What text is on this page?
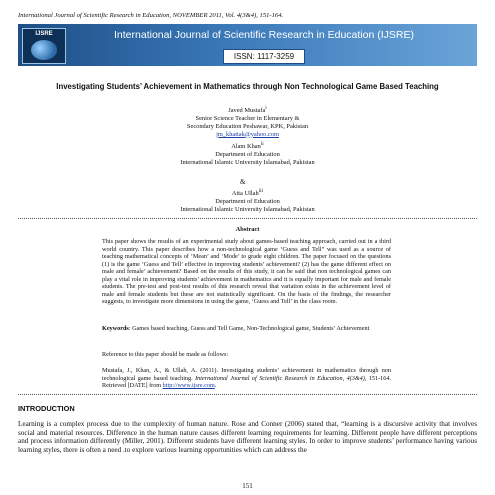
International Journal of Scientific Research in Education, NOVEMBER 2011, Vol. 4(3&4), 151-164.
IJSRE	International Journal of Scientific Research in Education (IJSRE)
ISSN: 1117-3259
Investigating Students’ Achievement in Mathematics through Non Technological Game Based Teaching
Javed Mustafa$^i$
Senior Science Teacher in Elementary &
Secondary Education Peshawar, KPK, Pakistan
jm_khattak@yahoo.com
Alam Khan$^{ii}$
Department of Education
International Islamic University Islamabad, Pakistan
&
Atta Ullah$^{iii}$
Department of Education
International Islamic University Islamabad, Pakistan
Abstract
This paper shows the results of an experimental study about games-based teaching approach, carried out in a third world country. This paper describes how a non-technological game ‘Guess and Tell” was used as a source of teaching mathematical concepts of ‘Mean’ and ‘Mode’ to grade eight children. The paper focused on the questions (1) is the game ‘Guess and Tell’ effective in improving students’ achievement? (2) has the game different effect on male and female’ achievement? Based on the results of this study, it can be said that non technological games can play a vital role in improving students’ achievement in mathematics and it is equally important for male and female students. The pre-test and post-test results of this research reveal that variation exists in the achievement level of male and female students but these are not statistically significant. On the basis of the findings, the researcher suggests, to investigate more dimensions in using the game, ‘Guess and Tell’ in the class room.
Keywords: Games based teaching, Guess and Tell Game, Non-Technological game, Students’ Achievement
Reference to this paper should be made as follows:
Mustafa, J., Khan, A., & Ullah, A. (2011). Investigating students’ achievement in mathematics through non technological game based teaching. International Journal of Scientific Research in Education, 4(3&4), 151-164. Retrieved [DATE] from http://www.ijsre.com.
INTRODUCTION
Learning is a complex process due to the complexity of human nature. Rose and Conner (2006) stated that, “learning is a discursive activity that involves social and material resources. Difference in the human nature causes different learning requirements for learning. Different people have different perceptions and process information differently (Miller, 2001). Different students have different learning styles. In order to improve students’ performance having various learning styles, there is often a need .to explore various learning opportunities which can address the
151
